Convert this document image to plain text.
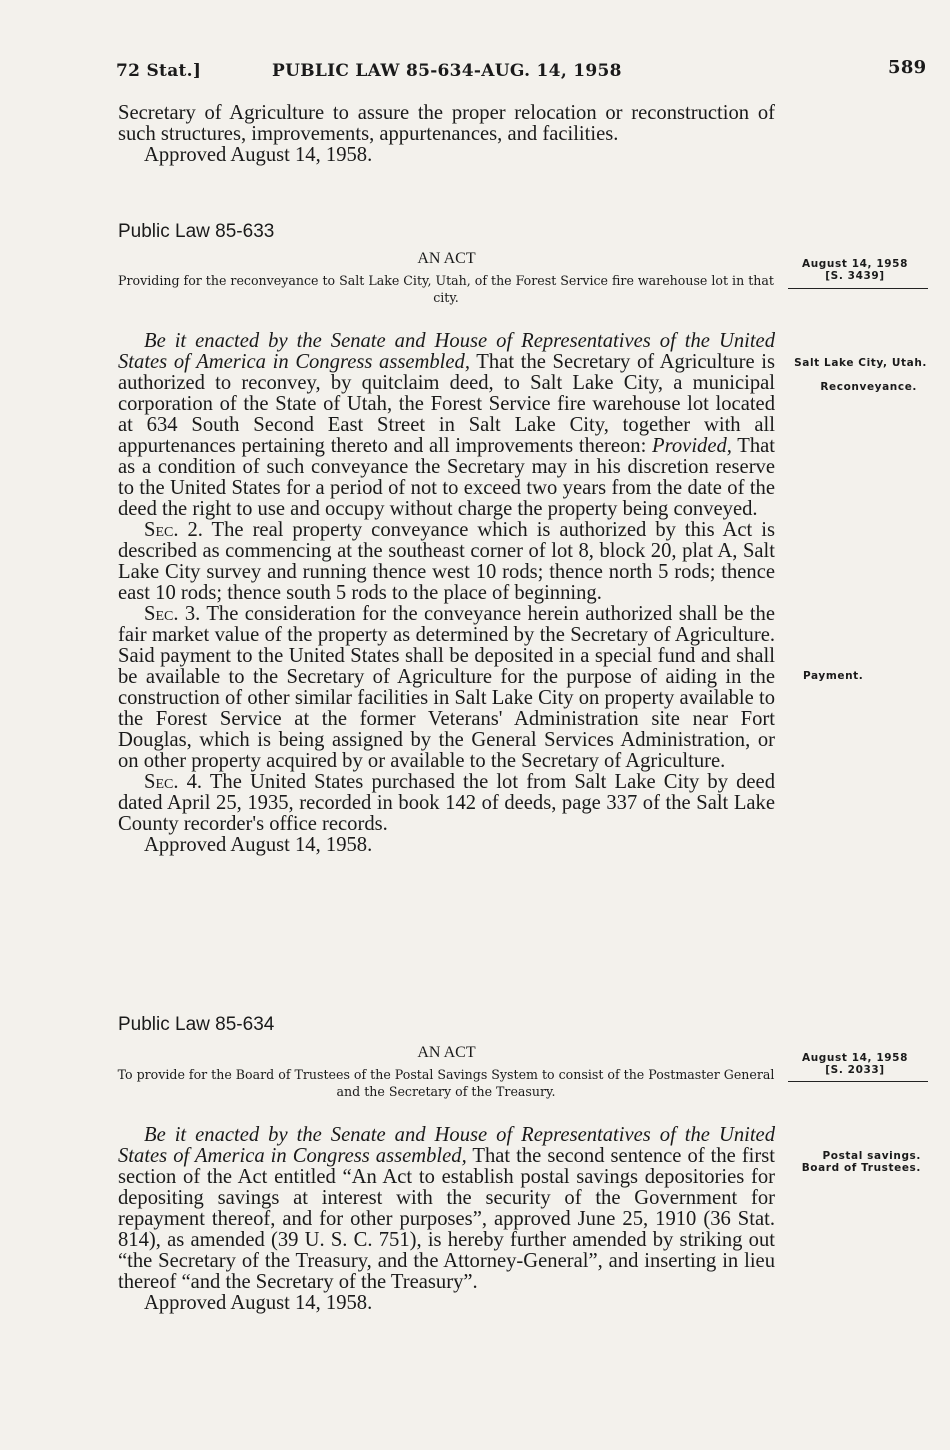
72 Stat.]	PUBLIC LAW 85-634-AUG. 14, 1958	589

Secretary of Agriculture to assure the proper relocation or reconstruction of such structures, improvements, appurtenances, and facilities.

Approved August 14, 1958.

Public Law 85-633
AN ACT
Providing for the reconveyance to Salt Lake City, Utah, of the Forest Service fire warehouse lot in that city.
August 14, 1958
[S. 3439]
Salt Lake City, Utah.
Reconveyance.
Payment.

Be it enacted by the Senate and House of Representatives of the United States of America in Congress assembled, That the Secretary of Agriculture is authorized to reconvey, by quitclaim deed, to Salt Lake City, a municipal corporation of the State of Utah, the Forest Service fire warehouse lot located at 634 South Second East Street in Salt Lake City, together with all appurtenances pertaining thereto and all improvements thereon: Provided, That as a condition of such conveyance the Secretary may in his discretion reserve to the United States for a period of not to exceed two years from the date of the deed the right to use and occupy without charge the property being conveyed.

Sec. 2. The real property conveyance which is authorized by this Act is described as commencing at the southeast corner of lot 8, block 20, plat A, Salt Lake City survey and running thence west 10 rods; thence north 5 rods; thence east 10 rods; thence south 5 rods to the place of beginning.

Sec. 3. The consideration for the conveyance herein authorized shall be the fair market value of the property as determined by the Secretary of Agriculture. Said payment to the United States shall be deposited in a special fund and shall be available to the Secretary of Agriculture for the purpose of aiding in the construction of other similar facilities in Salt Lake City on property available to the Forest Service at the former Veterans' Administration site near Fort Douglas, which is being assigned by the General Services Administration, or on other property acquired by or available to the Secretary of Agriculture.

Sec. 4. The United States purchased the lot from Salt Lake City by deed dated April 25, 1935, recorded in book 142 of deeds, page 337 of the Salt Lake County recorder's office records.

Approved August 14, 1958.

Public Law 85-634
AN ACT
To provide for the Board of Trustees of the Postal Savings System to consist of the Postmaster General and the Secretary of the Treasury.
August 14, 1958
[S. 2033]
Postal savings. Board of Trustees.

Be it enacted by the Senate and House of Representatives of the United States of America in Congress assembled, That the second sentence of the first section of the Act entitled “An Act to establish postal savings depositories for depositing savings at interest with the security of the Government for repayment thereof, and for other purposes”, approved June 25, 1910 (36 Stat. 814), as amended (39 U. S. C. 751), is hereby further amended by striking out “the Secretary of the Treasury, and the Attorney-General”, and inserting in lieu thereof “and the Secretary of the Treasury”.

Approved August 14, 1958.
